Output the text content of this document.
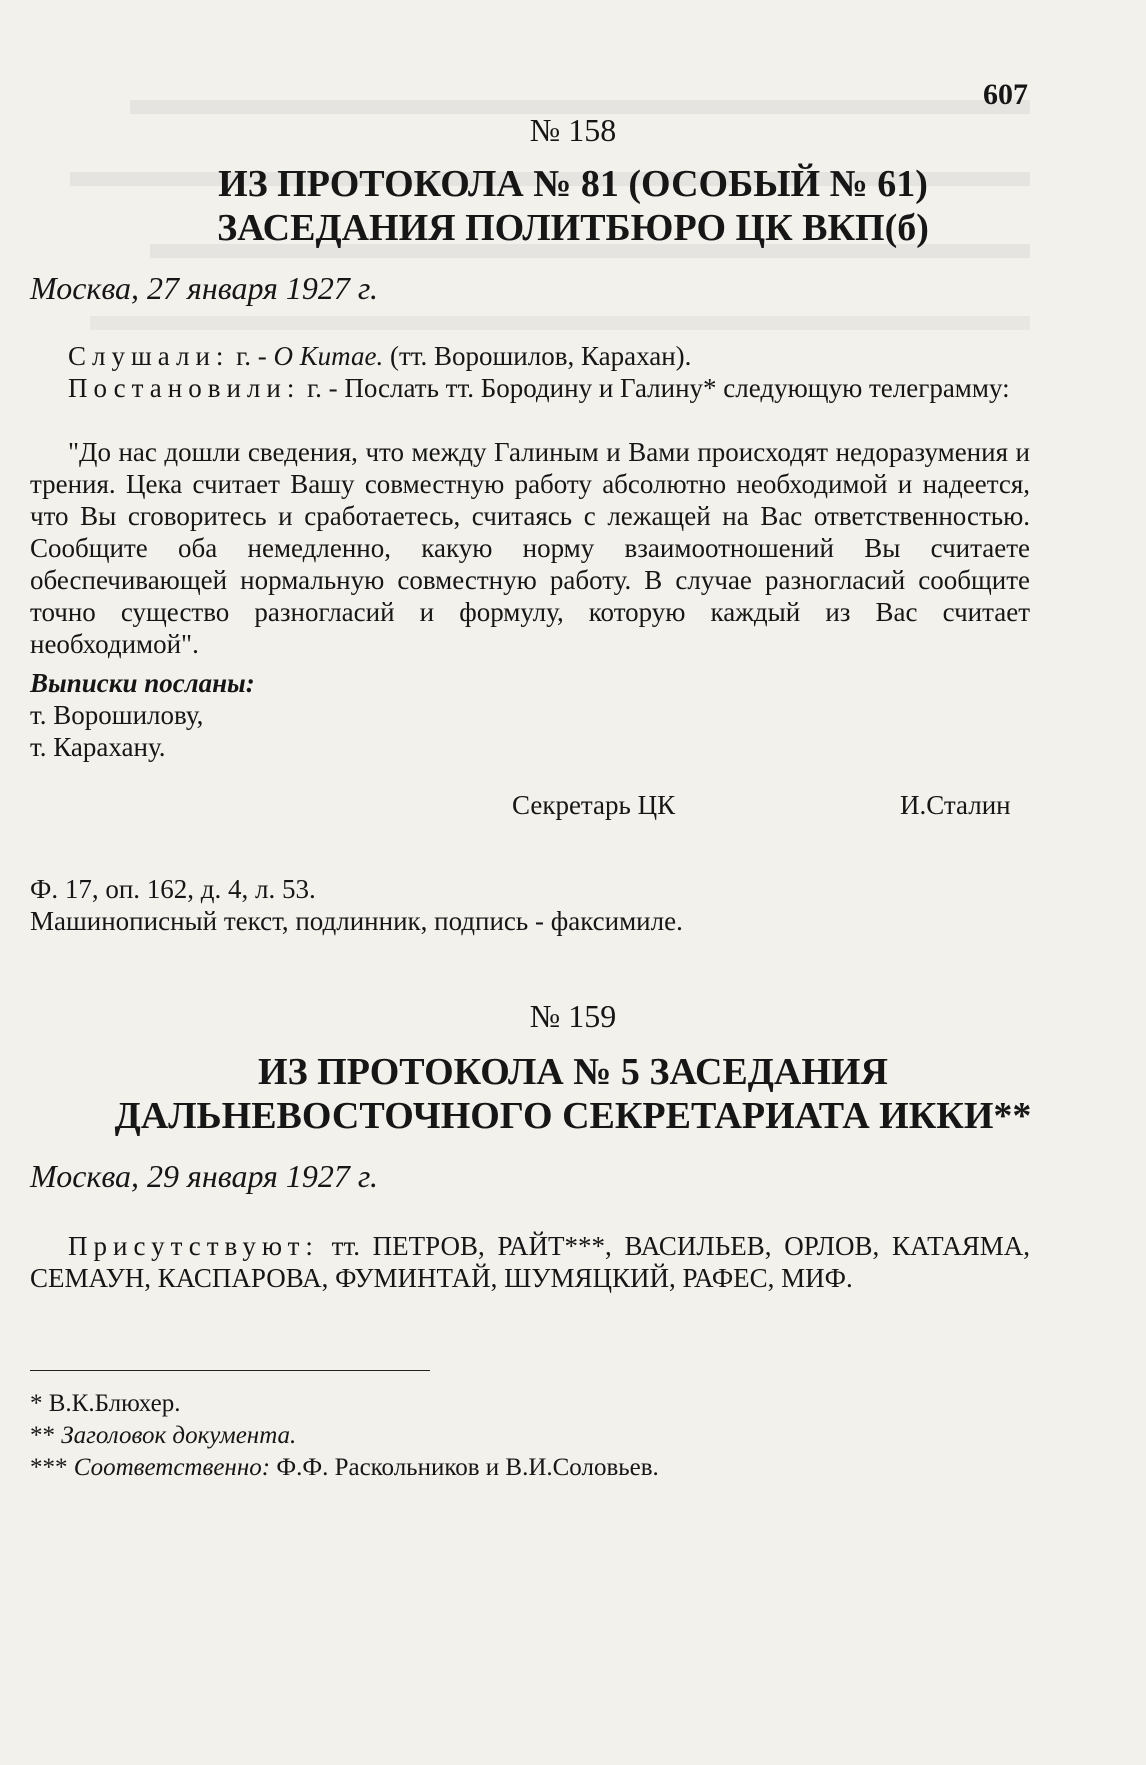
607
№ 158
ИЗ ПРОТОКОЛА № 81 (ОСОБЫЙ № 61)
ЗАСЕДАНИЯ ПОЛИТБЮРО ЦК ВКП(б)
Москва, 27 января 1927 г.
Слушали: г. - О Китае. (тт. Ворошилов, Карахан).
Постановили: г. - Послать тт. Бородину и Галину* следующую телеграмму:
"До нас дошли сведения, что между Галиным и Вами происходят недоразумения и трения. Цека считает Вашу совместную работу абсолютно необходимой и надеется, что Вы сговоритесь и сработаетесь, считаясь с лежащей на Вас ответственностью. Сообщите оба немедленно, какую норму взаимоотношений Вы считаете обеспечивающей нормальную совместную работу. В случае разногласий сообщите точно существо разногласий и формулу, которую каждый из Вас считает необходимой".
Выписки посланы:
т. Ворошилову,
т. Карахану.
Секретарь ЦК	И.Сталин
Ф. 17, оп. 162, д. 4, л. 53.
Машинописный текст, подлинник, подпись - факсимиле.
№ 159
ИЗ ПРОТОКОЛА № 5 ЗАСЕДАНИЯ
ДАЛЬНЕВОСТОЧНОГО СЕКРЕТАРИАТА ИККИ**
Москва, 29 января 1927 г.
Присутствуют: тт. ПЕТРОВ, РАЙТ***, ВАСИЛЬЕВ, ОРЛОВ, КАТАЯМА, СЕМАУН, КАСПАРОВА, ФУМИНТАЙ, ШУМЯЦКИЙ, РАФЕС, МИФ.
* В.К.Блюхер.
** Заголовок документа.
*** Соответственно: Ф.Ф. Раскольников и В.И.Соловьев.
